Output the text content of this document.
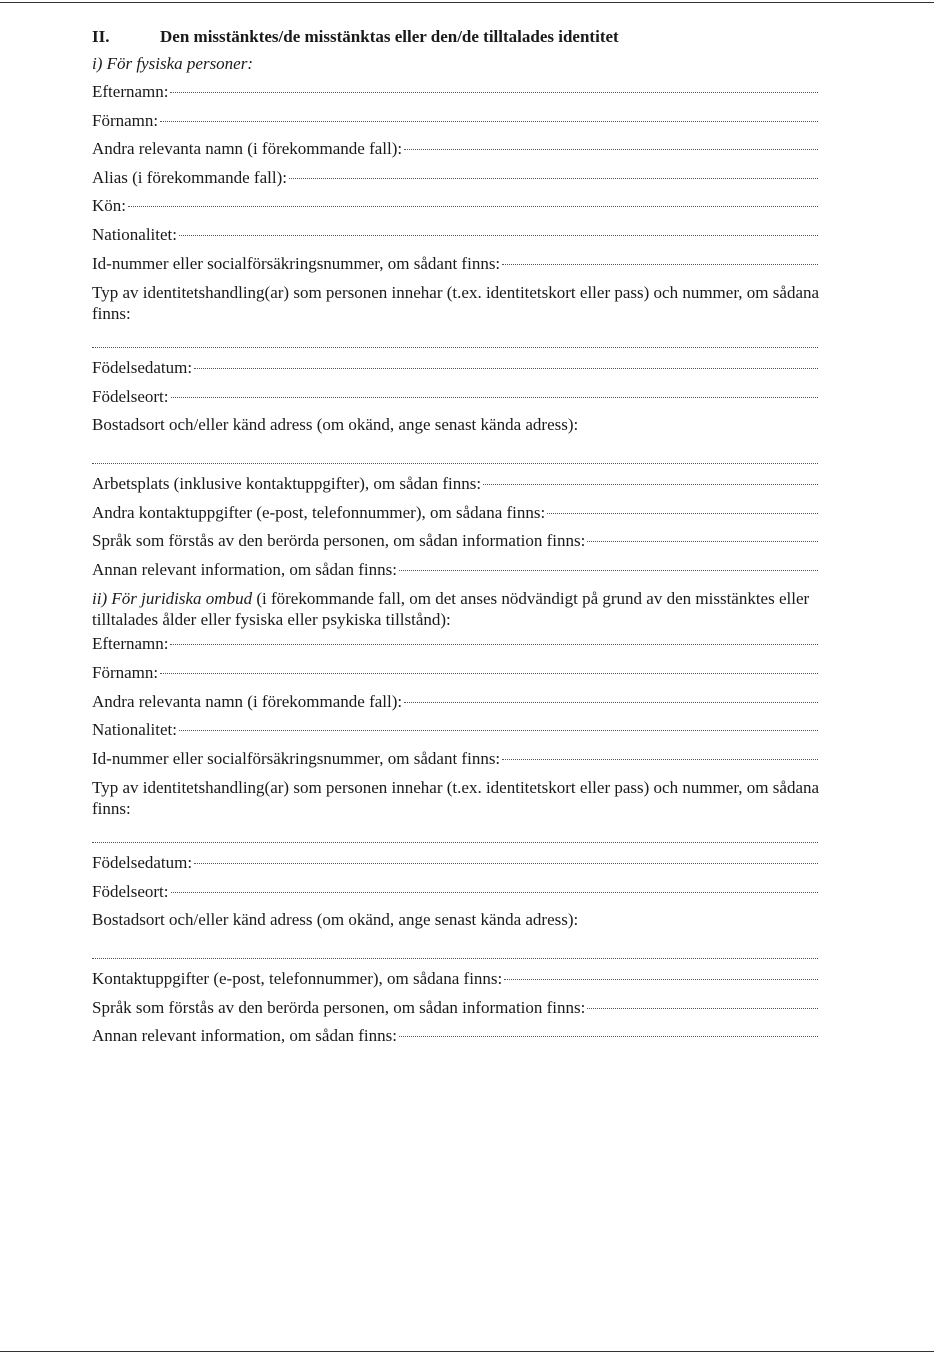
II.	Den misstänktes/de misstänktas eller den/de tilltalades identitet
i) För fysiska personer:
Efternamn:
Förnamn:
Andra relevanta namn (i förekommande fall):
Alias (i förekommande fall):
Kön:
Nationalitet:
Id-nummer eller socialförsäkringsnummer, om sådant finns:
Typ av identitetshandling(ar) som personen innehar (t.ex. identitetskort eller pass) och nummer, om sådana finns:
Födelsedatum:
Födelseort:
Bostadsort och/eller känd adress (om okänd, ange senast kända adress):
Arbetsplats (inklusive kontaktuppgifter), om sådan finns:
Andra kontaktuppgifter (e-post, telefonnummer), om sådana finns:
Språk som förstås av den berörda personen, om sådan information finns:
Annan relevant information, om sådan finns:
ii) För juridiska ombud (i förekommande fall, om det anses nödvändigt på grund av den misstänktes eller tilltalades ålder eller fysiska eller psykiska tillstånd):
Efternamn:
Förnamn:
Andra relevanta namn (i förekommande fall):
Nationalitet:
Id-nummer eller socialförsäkringsnummer, om sådant finns:
Typ av identitetshandling(ar) som personen innehar (t.ex. identitetskort eller pass) och nummer, om sådana finns:
Födelsedatum:
Födelseort:
Bostadsort och/eller känd adress (om okänd, ange senast kända adress):
Kontaktuppgifter (e-post, telefonnummer), om sådana finns:
Språk som förstås av den berörda personen, om sådan information finns:
Annan relevant information, om sådan finns:
